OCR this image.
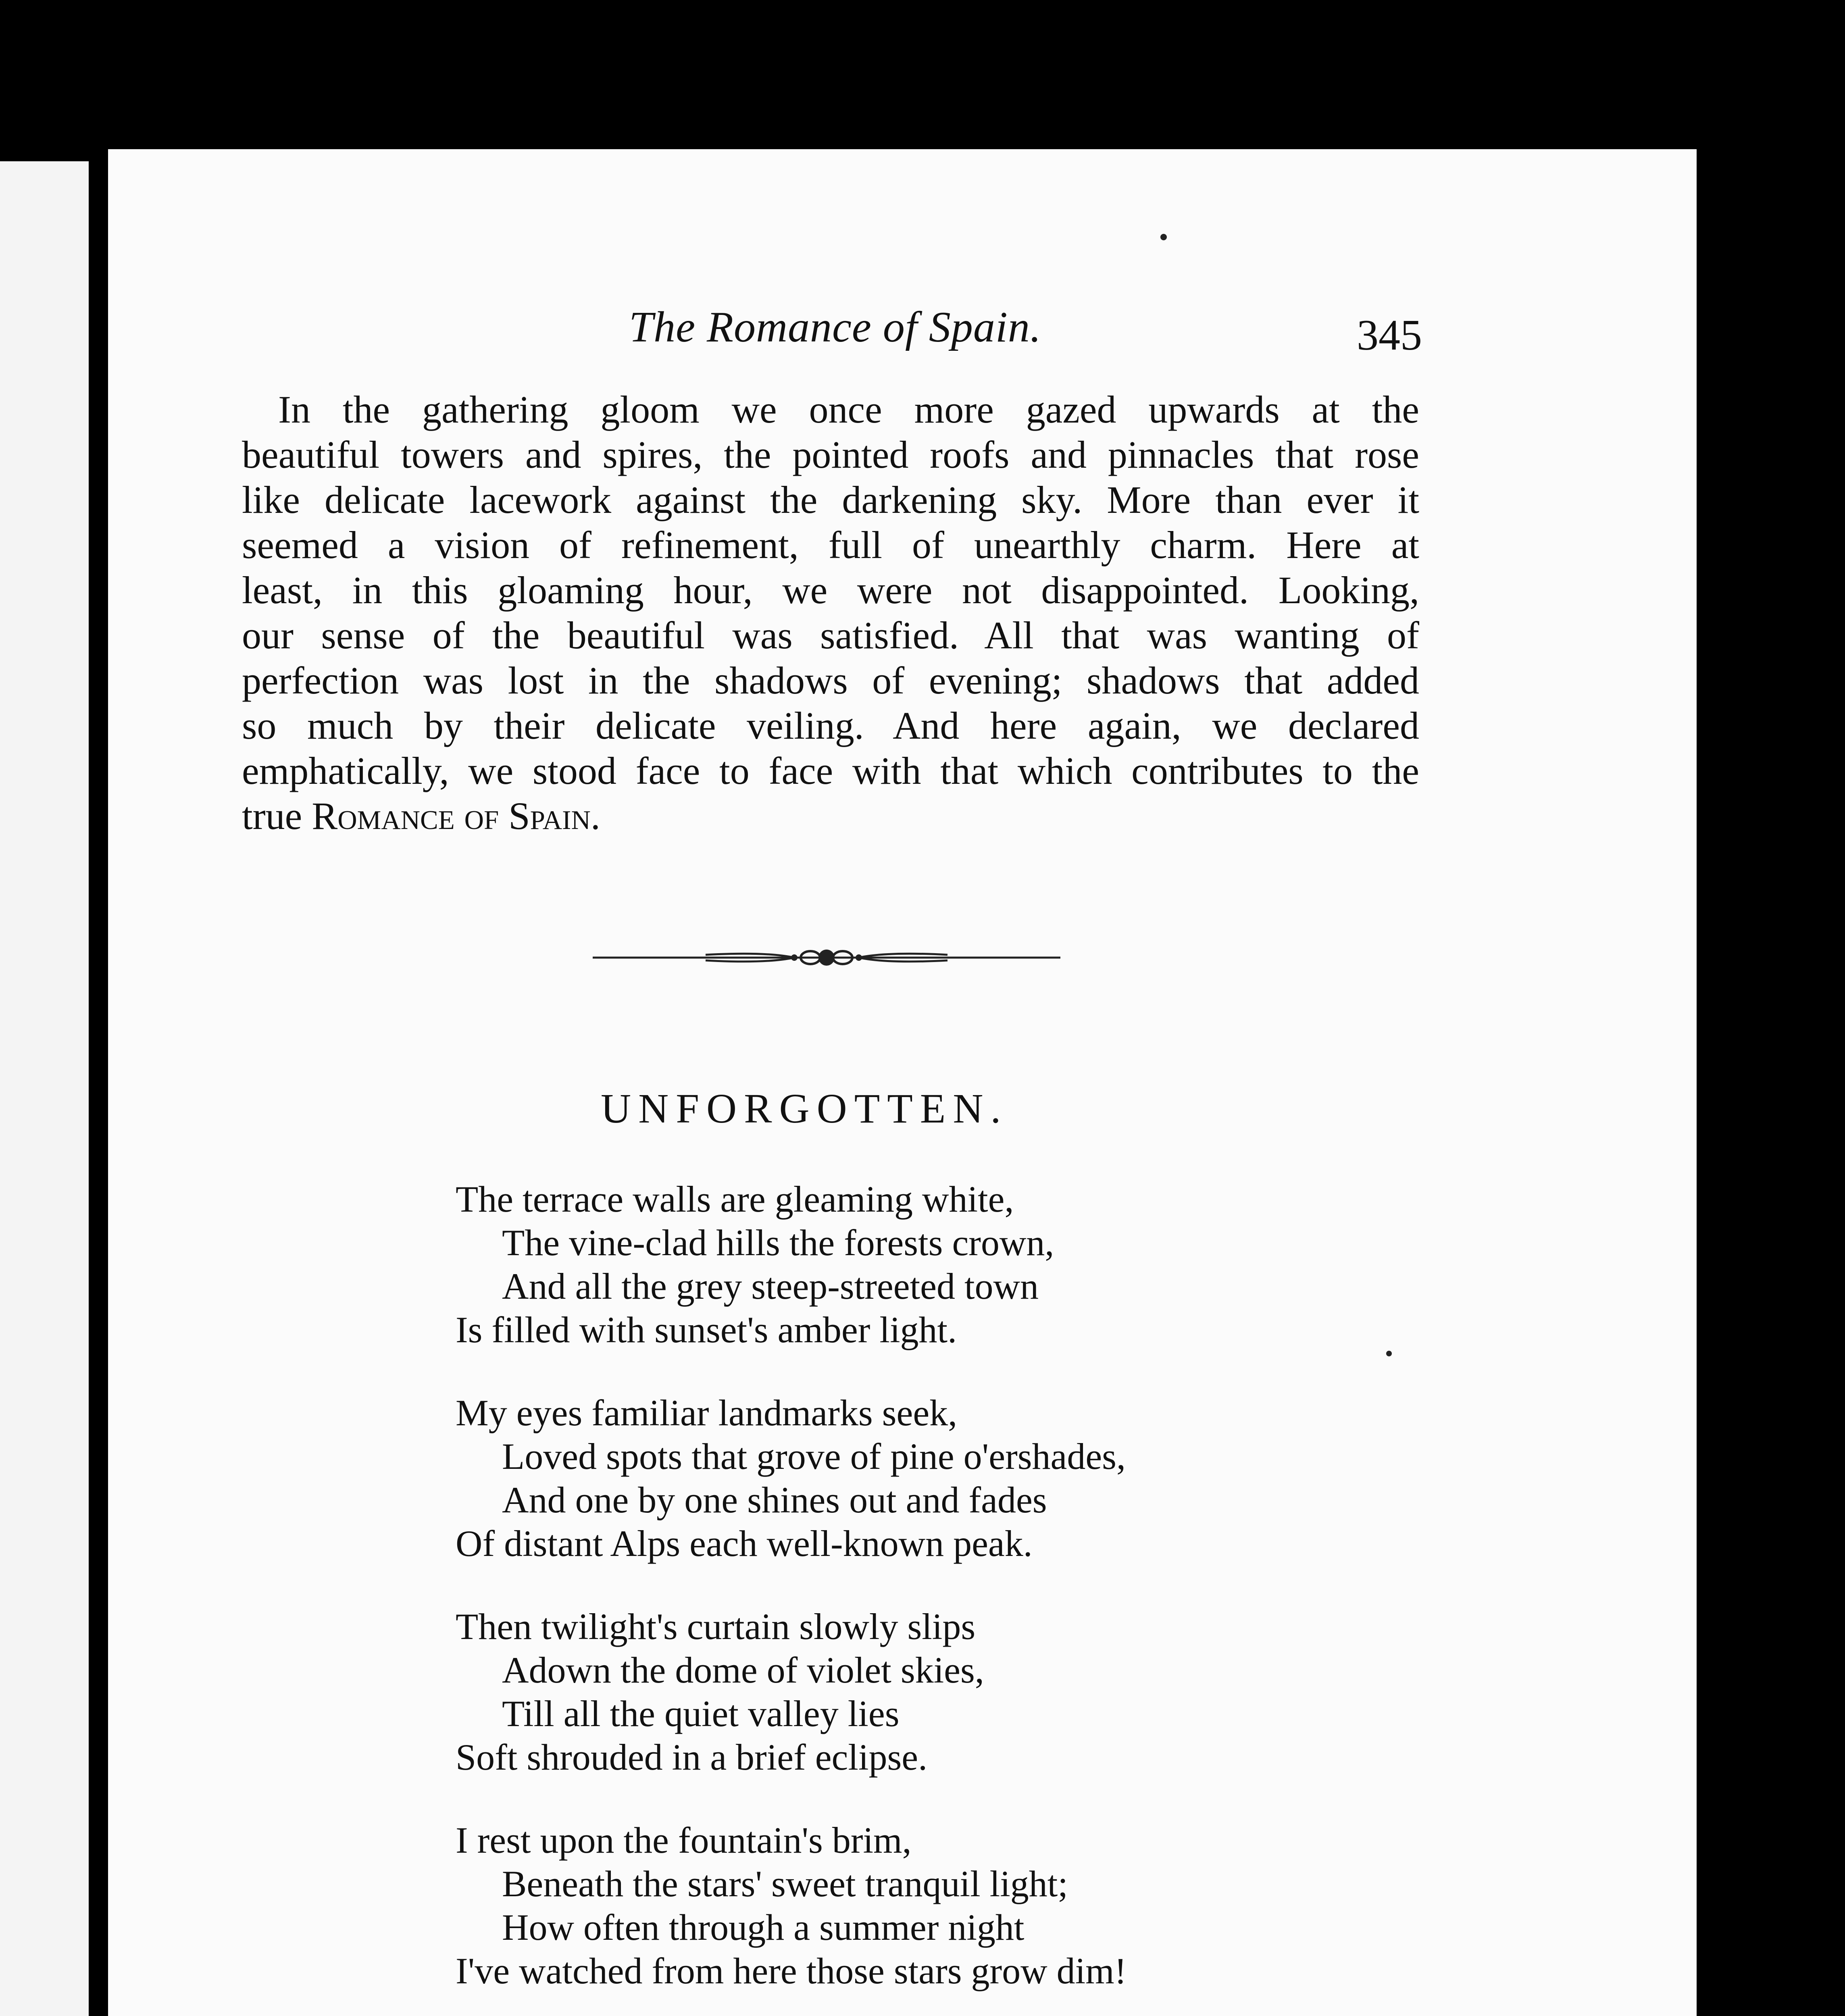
The Romance of Spain.	345
In the gathering gloom we once more gazed upwards at the
beautiful towers and spires, the pointed roofs and pinnacles that rose
like delicate lacework against the darkening sky. More than ever it
seemed a vision of refinement, full of unearthly charm. Here at
least, in this gloaming hour, we were not disappointed. Looking,
our sense of the beautiful was satisfied. All that was wanting of
perfection was lost in the shadows of evening; shadows that added
so much by their delicate veiling. And here again, we declared
emphatically, we stood face to face with that which contributes to the
true Romance of Spain.
UNFORGOTTEN.
The terrace walls are gleaming white,
The vine-clad hills the forests crown,
And all the grey steep-streeted town
Is filled with sunset's amber light.
My eyes familiar landmarks seek,
Loved spots that grove of pine o'ershades,
And one by one shines out and fades
Of distant Alps each well-known peak.
Then twilight's curtain slowly slips
Adown the dome of violet skies,
Till all the quiet valley lies
Soft shrouded in a brief eclipse.
I rest upon the fountain's brim,
Beneath the stars' sweet tranquil light;
How often through a summer night
I've watched from here those stars grow dim!
